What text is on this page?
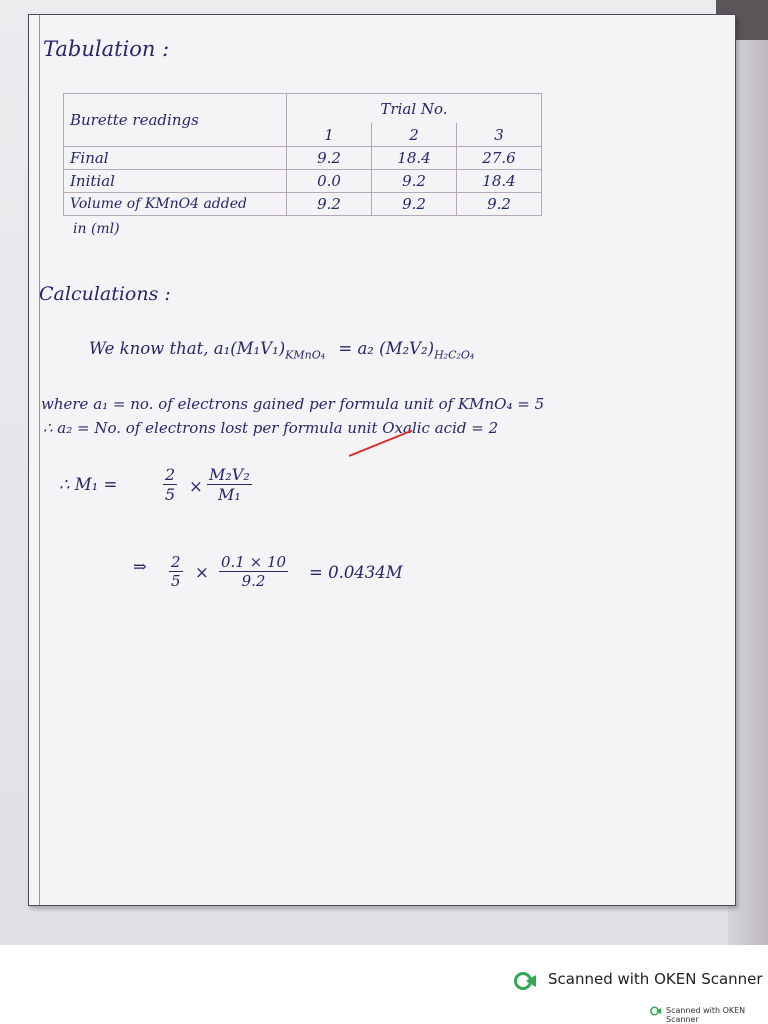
Tabulation :
Burette readings	Trial No.		
	1	2	3
Final	9.2	18.4	27.6
Initial	0.0	9.2	18.4
Volume of KMnO4 added	9.2	9.2	9.2
in (ml)
Calculations :
We know that, $a_1(M_1V_1)_{KMnO_4} = a_2$ $(M_2V_2)_{H_2C_2O_4}$
where a₁ = no. of electrons gained per formula unit of KMnO₄ = 5
∴ a₂ = No. of electrons lost per formula unit Oxalic acid = 2
∴ M₁ =	$\frac{2}{5} \times \frac{\text{M₂V₂}}{\text{M₁}}$
⇒ $\frac{2}{5} \times \frac{0.1 \times 10}{9.2} = 0.0434M$
Scanned with OKEN Scanner
Scanned with OKEN Scanner
